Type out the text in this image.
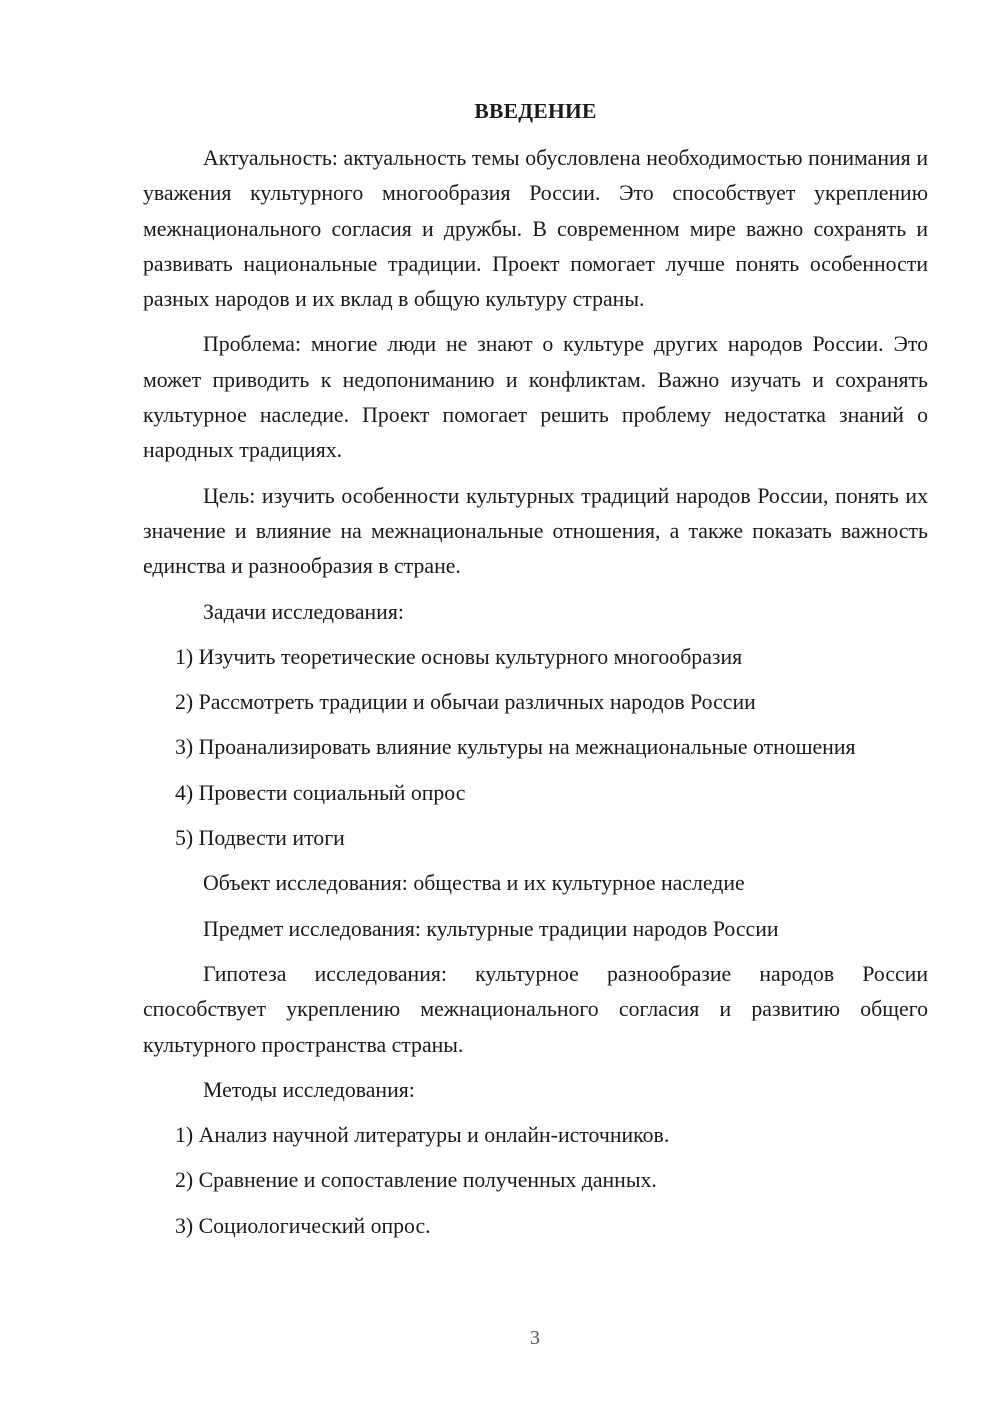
ВВЕДЕНИЕ

Актуальность: актуальность темы обусловлена необходимостью понимания и уважения культурного многообразия России. Это способствует укреплению межнационального согласия и дружбы. В современном мире важно сохранять и развивать национальные традиции. Проект помогает лучше понять особенности разных народов и их вклад в общую культуру страны.

Проблема: многие люди не знают о культуре других народов России. Это может приводить к недопониманию и конфликтам. Важно изучать и сохранять культурное наследие. Проект помогает решить проблему недостатка знаний о народных традициях.

Цель: изучить особенности культурных традиций народов России, понять их значение и влияние на межнациональные отношения, а также показать важность единства и разнообразия в стране.

Задачи исследования:

1) Изучить теоретические основы культурного многообразия

2) Рассмотреть традиции и обычаи различных народов России

3) Проанализировать влияние культуры на межнациональные отношения

4) Провести социальный опрос

5) Подвести итоги

Объект исследования: общества и их культурное наследие

Предмет исследования: культурные традиции народов России

Гипотеза исследования: культурное разнообразие народов России способствует укреплению межнационального согласия и развитию общего культурного пространства страны.

Методы исследования:

1) Анализ научной литературы и онлайн-источников.

2) Сравнение и сопоставление полученных данных.

3) Социологический опрос.

3
